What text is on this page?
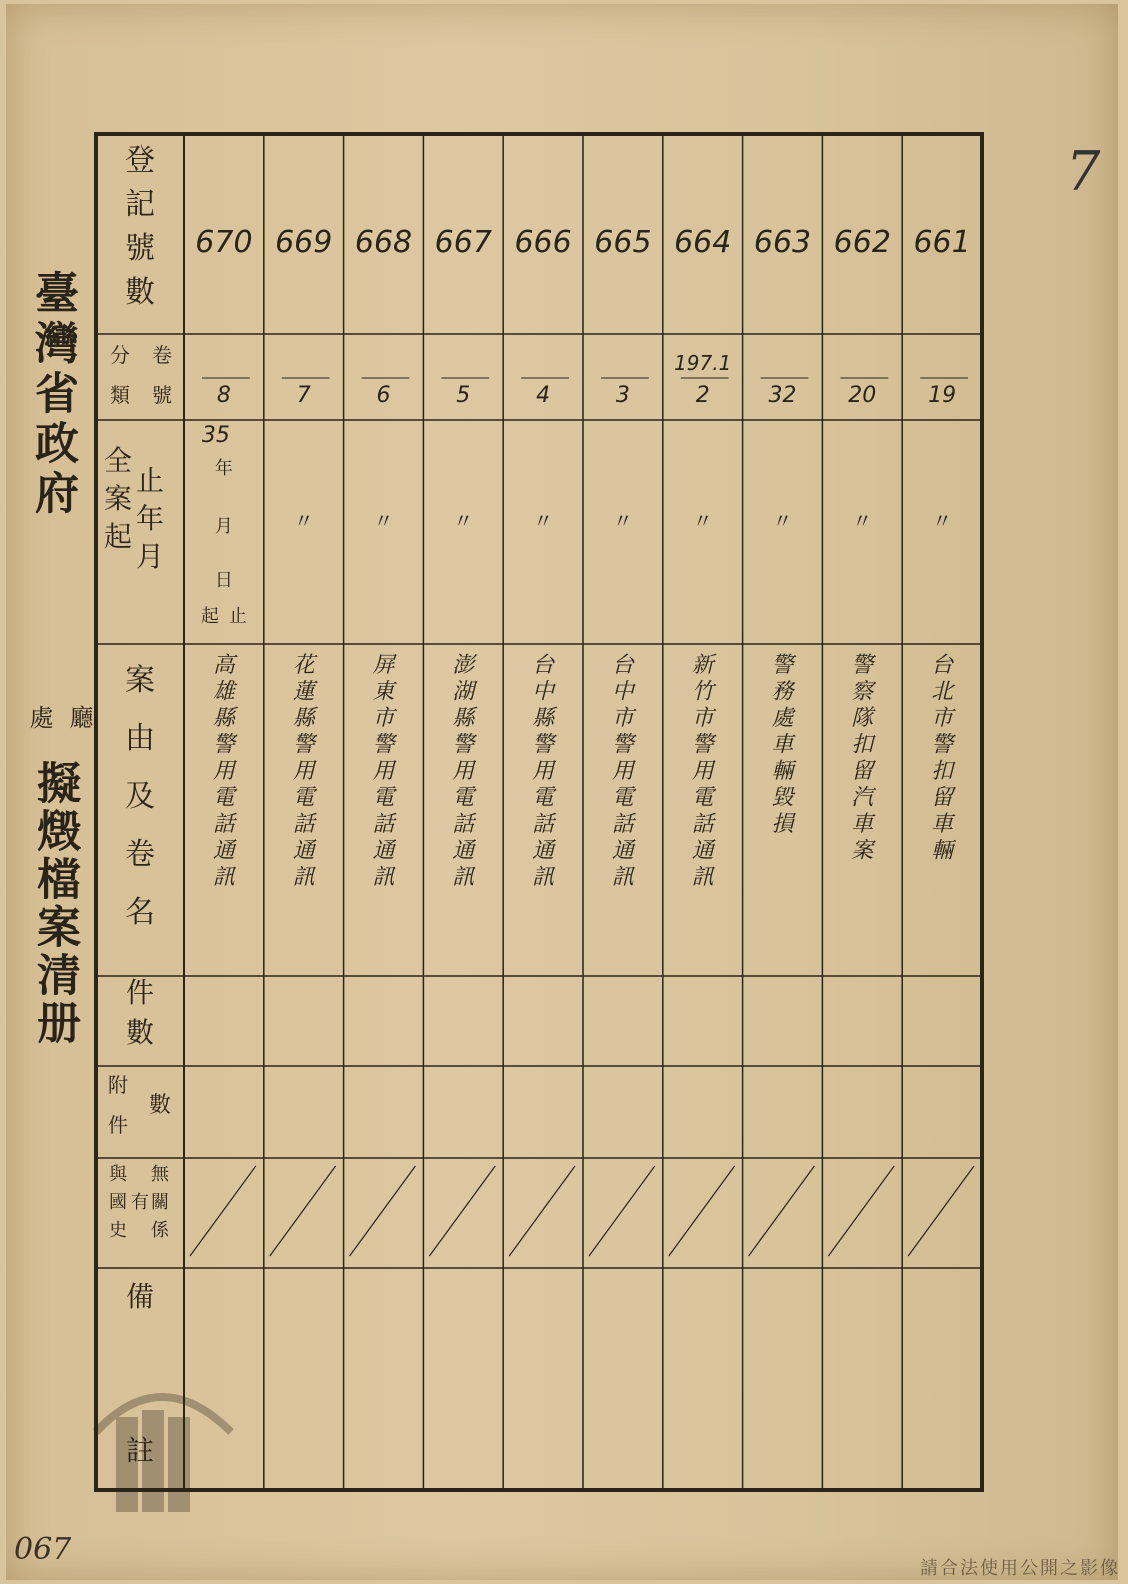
臺灣省政府
廳
處
擬燬檔案清册
7
067
請合法使用公開之影像
登
記
號
數
分
類
卷
號
全
案
起
止
年
月
案
由
及
卷
名
件
數
附
件
數
與
國
史
無
有 關
係
備
註
670
8
35
年
月
日
起 止
高
雄
縣
警
用
電
話
通
訊
669
7
〃
花
蓮
縣
警
用
電
話
通
訊
668
6
〃
屏
東
市
警
用
電
話
通
訊
667
5
〃
澎
湖
縣
警
用
電
話
通
訊
666
4
〃
台
中
縣
警
用
電
話
通
訊
665
3
〃
台
中
市
警
用
電
話
通
訊
664
197.1
2
〃
新
竹
市
警
用
電
話
通
訊
663
32
〃
警
務
處
車
輛
毀
損
662
20
〃
警
察
隊
扣
留
汽
車
案
661
19
〃
台
北
市
警
扣
留
車
輛
